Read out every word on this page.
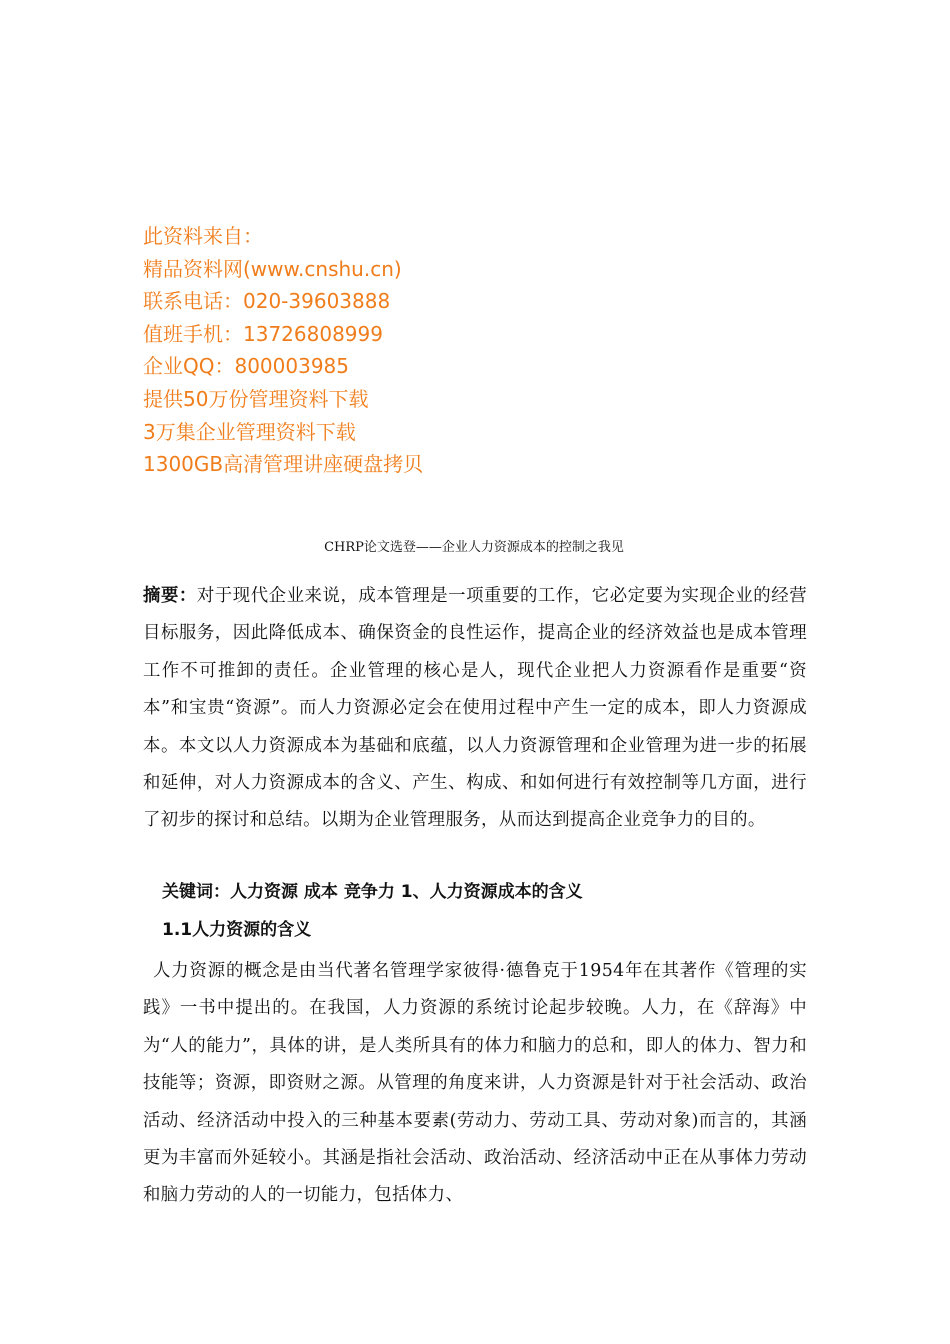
此资料来自：
精品资料网(www.cnshu.cn)
联系电话：020-39603888
值班手机：13726808999
企业QQ：800003985
提供50万份管理资料下载
3万集企业管理资料下载
1300GB高清管理讲座硬盘拷贝
CHRP论文选登——企业人力资源成本的控制之我见
摘要：对于现代企业来说，成本管理是一项重要的工作，它必定要为实现企业的经营目标服务，因此降低成本、确保资金的良性运作，提高企业的经济效益也是成本管理工作不可推卸的责任。企业管理的核心是人，现代企业把人力资源看作是重要“资本”和宝贵“资源”。而人力资源必定会在使用过程中产生一定的成本，即人力资源成本。本文以人力资源成本为基础和底蕴，以人力资源管理和企业管理为进一步的拓展和延伸，对人力资源成本的含义、产生、构成、和如何进行有效控制等几方面，进行了初步的探讨和总结。以期为企业管理服务，从而达到提高企业竞争力的目的。
关键词：人力资源 成本 竞争力 1、人力资源成本的含义
1.1人力资源的含义
人力资源的概念是由当代著名管理学家彼得·德鲁克于1954年在其著作《管理的实践》一书中提出的。在我国，人力资源的系统讨论起步较晚。人力，在《辞海》中为“人的能力”，具体的讲，是人类所具有的体力和脑力的总和，即人的体力、智力和技能等；资源，即资财之源。从管理的角度来讲，人力资源是针对于社会活动、政治活动、经济活动中投入的三种基本要素(劳动力、劳动工具、劳动对象)而言的，其涵更为丰富而外延较小。其涵是指社会活动、政治活动、经济活动中正在从事体力劳动和脑力劳动的人的一切能力，包括体力、
